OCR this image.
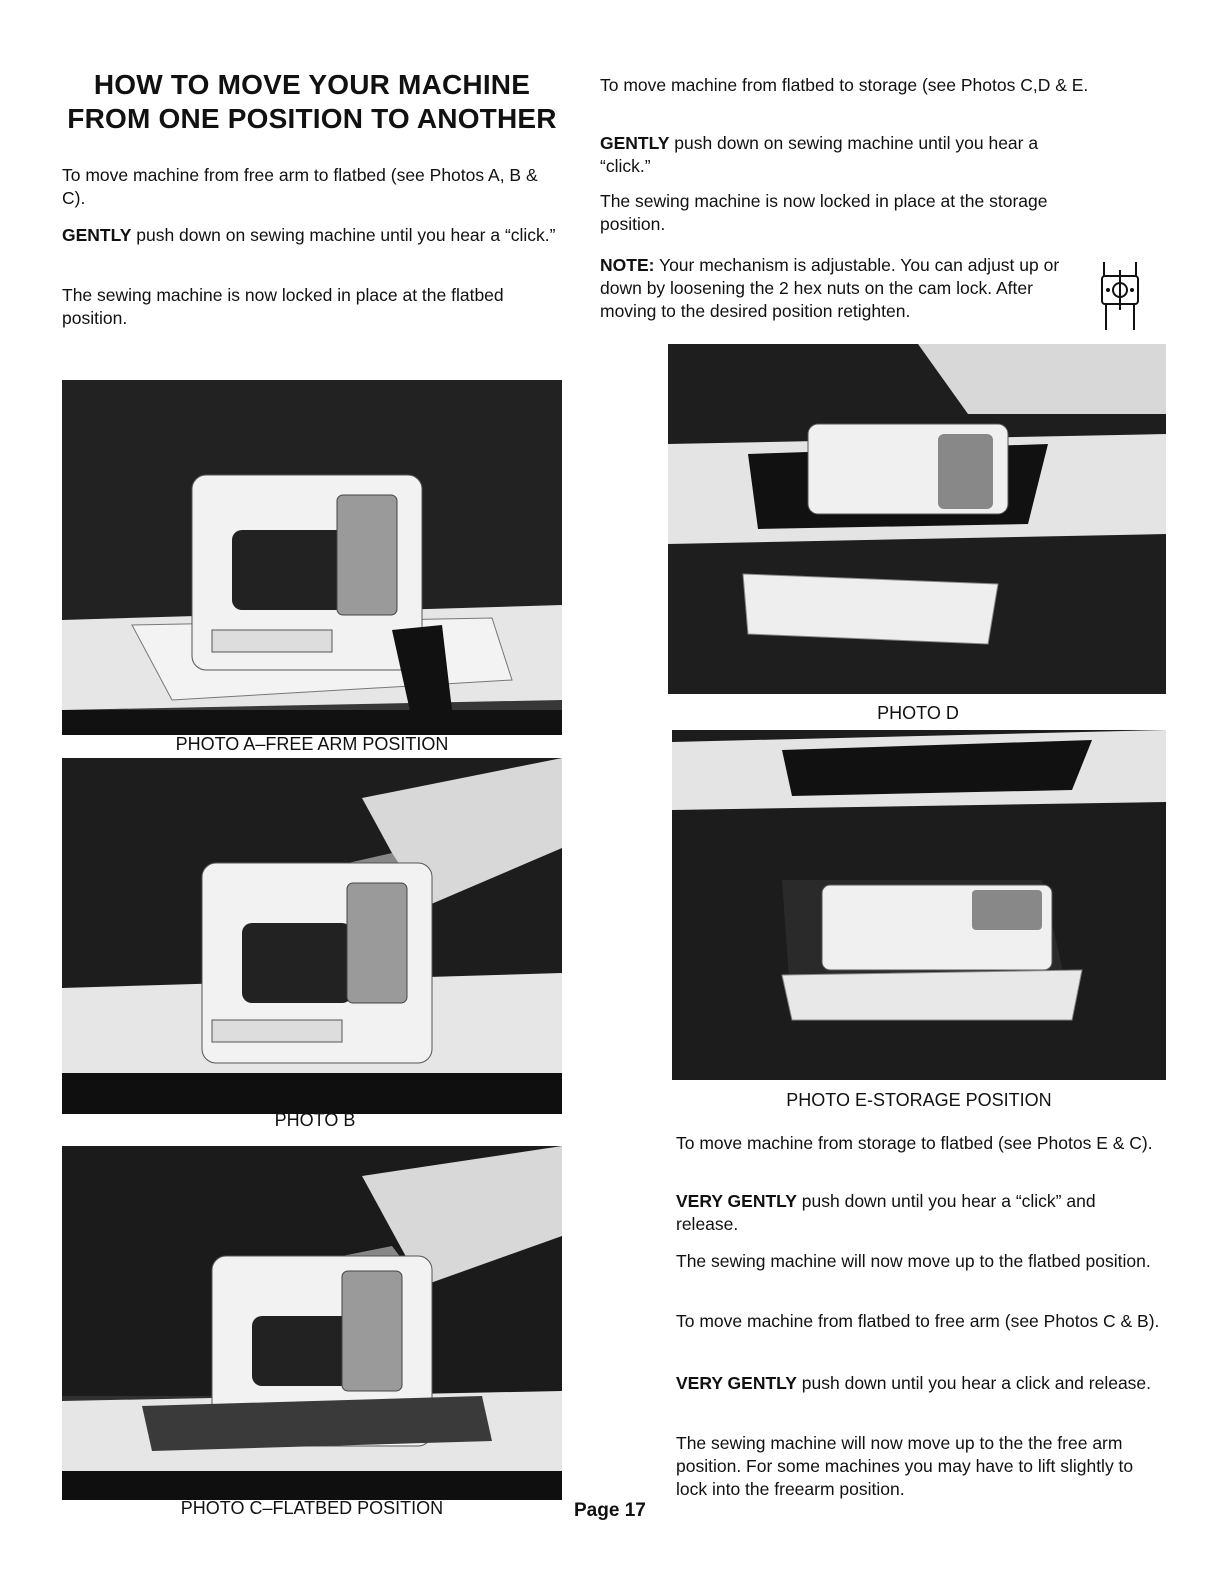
HOW TO MOVE YOUR MACHINE
FROM ONE POSITION TO ANOTHER

To move machine from free arm to flatbed (see Photos A, B & C).

GENTLY push down on sewing machine until you hear a “click.”

The sewing machine is now locked in place at the flatbed position.

To move machine from flatbed to storage (see Photos C,D & E.

GENTLY push down on sewing machine until you hear a “click.”

The sewing machine is now locked in place at the storage position.

NOTE: Your mechanism is adjustable. You can adjust up or down by loosening the 2 hex nuts on the cam lock. After moving to the desired position retighten.

PHOTO A–FREE ARM POSITION
PHOTO B
PHOTO C–FLATBED POSITION
PHOTO D
PHOTO E-STORAGE POSITION

To move machine from storage to flatbed (see Photos E & C).

VERY GENTLY push down until you hear a “click” and release.

The sewing machine will now move up to the flatbed position.

To move machine from flatbed to free arm (see Photos C & B).

VERY GENTLY push down until you hear a click and release.

The sewing machine will now move up to the the free arm position. For some machines you may have to lift slightly to lock into the freearm position.

Page 17
